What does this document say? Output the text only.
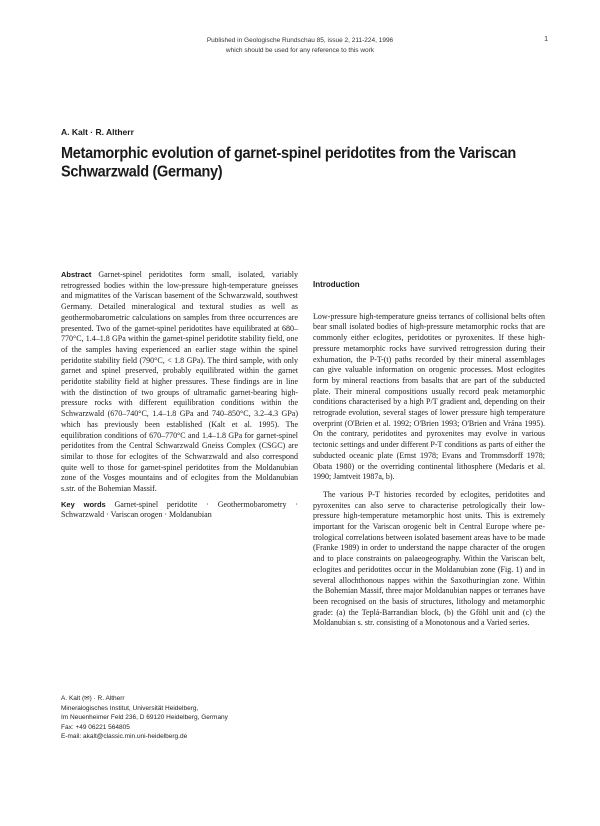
Published in Geologische Rundschau 85, issue 2, 211-224, 1996
which should be used for any reference to this work
1
A. Kalt · R. Altherr
Metamorphic evolution of garnet-spinel peridotites from the Variscan Schwarzwald (Germany)
Abstract Garnet-spinel peridotites form small, isolated, variably retrogressed bodies within the low-pressure high-temperature gneisses and migmatites of the Variscan basement of the Schwarzwald, southwest Germany. Detailed mineralogical and textural studies as well as geothermobarometric calculations on samples from three occurrences are presented. Two of the garnet-spinel peridotites have equilibrated at 680–770°C, 1.4–1.8 GPa within the garnet-spinel peridotite stability field, one of the samples having experienced an earlier stage within the spinel peridotite stability field (790°C, < 1.8 GPa). The third sample, with only garnet and spinel preserved, probably equilibrated within the garnet peridotite stability field at higher pressures. These findings are in line with the distinction of two groups of ultramafic garnet-bearing high-pressure rocks with different equilibration conditions within the Schwarzwald (670–740°C, 1.4–1.8 GPa and 740–850°C, 3.2–4.3 GPa) which has previously been established (Kalt et al. 1995). The equilibration conditions of 670–770°C and 1.4–1.8 GPa for garnet-spinel peridotites from the Central Schwarzwald Gneiss Complex (CSGC) are similar to those for eclogites of the Schwarzwald and also correspond quite well to those for garnet-spinel peridotites from the Moldanubian zone of the Vosges mountains and of eclogites from the Moldanubian s.str. of the Bohemian Massif.
Key words Garnet-spinel peridotite · Geothermobarometry · Schwarzwald · Variscan orogen · Moldanubian
A. Kalt (✉) · R. Altherr
Mineralogisches Institut, Universität Heidelberg,
Im Neuenheimer Feld 236, D 69120 Heidelberg, Germany
Fax: +49 06221 564805
E-mail: akalt@classic.min.uni-heidelberg.de
Introduction

Low-pressure high-temperature gneiss terrancs of collisional belts often bear small isolated bodies of high-pressure metamorphic rocks that are commonly either eclogites, peridotites or pyroxenites. If these high-pressure metamorphic rocks have survived retrogression during their exhumation, the P-T-(t) paths recorded by their mineral assemblages can give valuable information on orogenic processes. Most eclogites form by mineral reactions from basalts that are part of the subducted plate. Their mineral compositions usually record peak metamorphic conditions characterised by a high P/T gradient and, depending on their retrograde evolution, several stages of lower pressure high temperature overprint (O'Brien et al. 1992; O'Brien 1993; O'Brien and Vrána 1995). On the contrary, peridotites and pyroxenites may evolve in various tectonic settings and under different P-T conditions as parts of either the subducted oceanic plate (Ernst 1978; Evans and Trommsdorff 1978; Obata 1980) or the overriding continental lithosphere (Medaris et al. 1990; Jamtveit 1987a, b).

The various P-T histories recorded by eclogites, peridotites and pyroxenites can also serve to characterise petrologically their low-pressure high-temperature metamorphic host units. This is extremely important for the Variscan orogenic belt in Central Europe where petrological correlations between isolated basement areas have to be made (Franke 1989) in order to understand the nappe character of the orogen and to place constraints on palaeogeography. Within the Variscan belt, eclogites and peridotites occur in the Moldanubian zone (Fig. 1) and in several allochthonous nappes within the Saxothuringian zone. Within the Bohemian Massif, three major Moldanubian nappes or terranes have been recognised on the basis of structures, lithology and metamorphic grade: (a) the Teplá-Barrandian block, (b) the Gföhl unit and (c) the Moldanubian s. str. consisting of a Monotonous and a Varied series.
